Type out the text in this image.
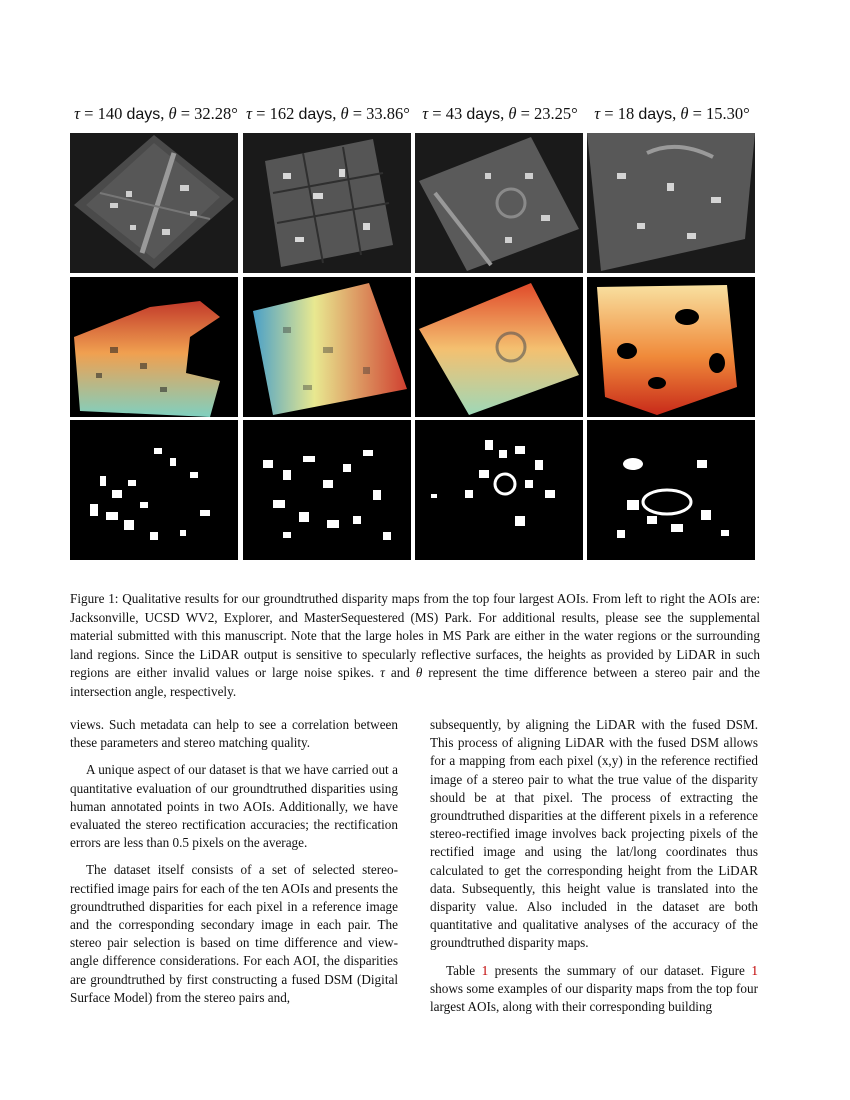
τ = 140 days, θ = 32.28° τ = 162 days, θ = 33.86° τ = 43 days, θ = 23.25° τ = 18 days, θ = 15.30°
Figure 1: Qualitative results for our groundtruthed disparity maps from the top four largest AOIs. From left to right the AOIs are: Jacksonville, UCSD WV2, Explorer, and MasterSequestered (MS) Park. For additional results, please see the supplemental material submitted with this manuscript. Note that the large holes in MS Park are either in the water regions or the surrounding land regions. Since the LiDAR output is sensitive to specularly reflective surfaces, the heights as provided by LiDAR in such regions are either invalid values or large noise spikes. τ and θ represent the time difference between a stereo pair and the intersection angle, respectively.

views. Such metadata can help to see a correlation between these parameters and stereo matching quality.

A unique aspect of our dataset is that we have carried out a quantitative evaluation of our groundtruthed disparities using human annotated points in two AOIs. Additionally, we have evaluated the stereo rectification accuracies; the rectification errors are less than 0.5 pixels on the average.

The dataset itself consists of a set of selected stereo-rectified image pairs for each of the ten AOIs and presents the groundtruthed disparities for each pixel in a reference image and the corresponding secondary image in each pair. The stereo pair selection is based on time difference and view-angle difference considerations. For each AOI, the disparities are groundtruthed by first constructing a fused DSM (Digital Surface Model) from the stereo pairs and,

subsequently, by aligning the LiDAR with the fused DSM. This process of aligning LiDAR with the fused DSM allows for a mapping from each pixel (x,y) in the reference rectified image of a stereo pair to what the true value of the disparity should be at that pixel. The process of extracting the groundtruthed disparities at the different pixels in a reference stereo-rectified image involves back projecting pixels of the rectified image and using the lat/long coordinates thus calculated to get the corresponding height from the LiDAR data. Subsequently, this height value is translated into the disparity value. Also included in the dataset are both quantitative and qualitative analyses of the accuracy of the groundtruthed disparity maps.

Table 1 presents the summary of our dataset. Figure 1 shows some examples of our disparity maps from the top four largest AOIs, along with their corresponding building
